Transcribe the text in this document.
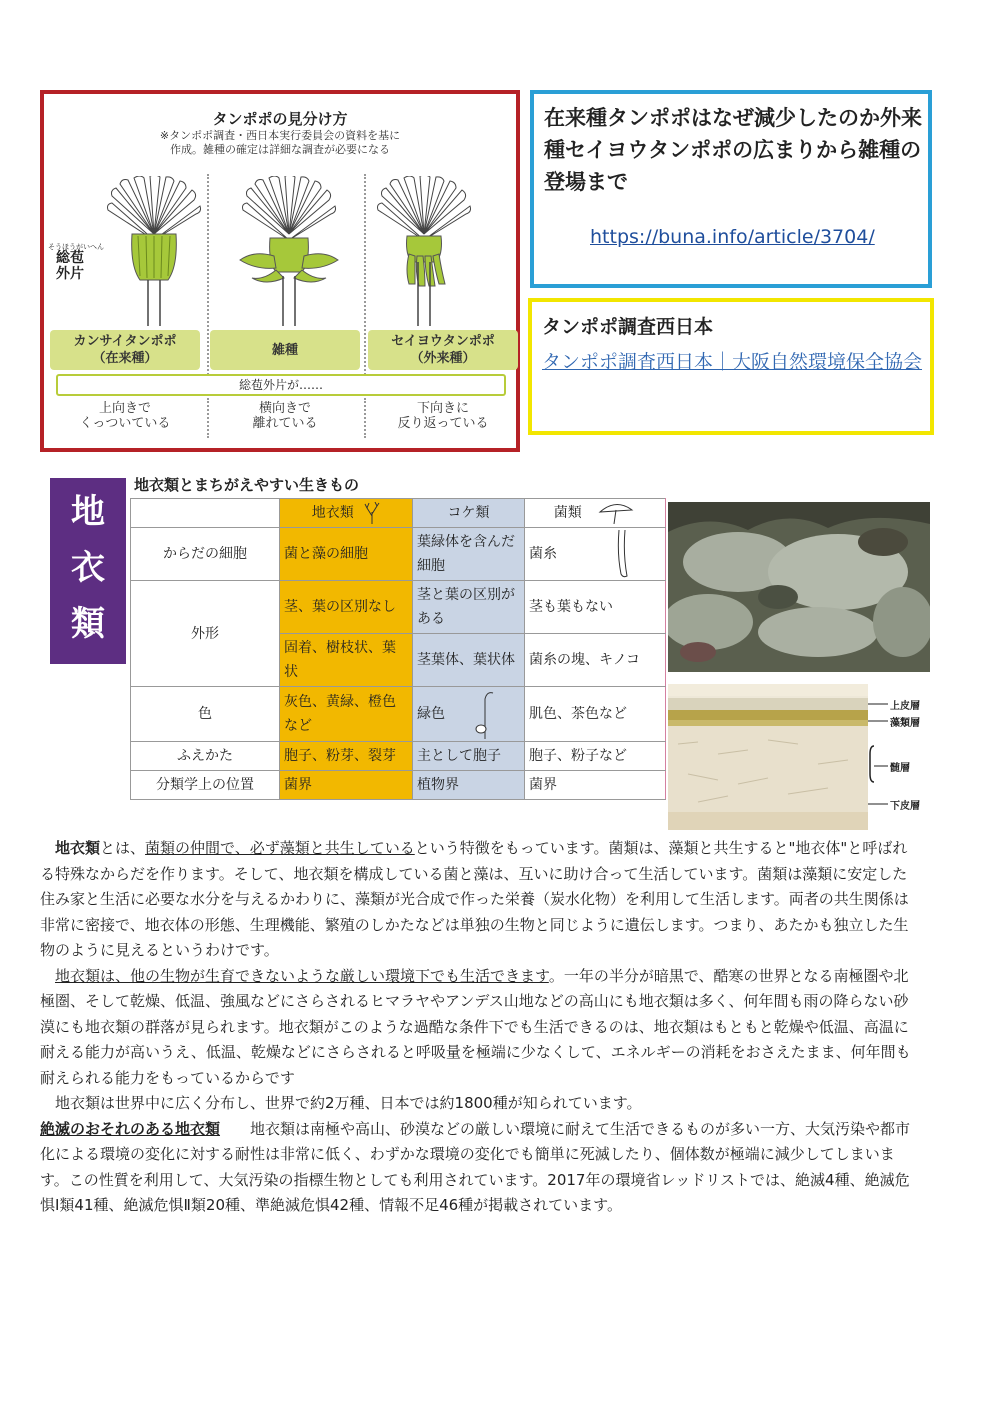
タンポポの見分け方
※タンポポ調査・西日本実行委員会の資料を基に
作成。雑種の確定は詳細な調査が必要になる
そうほうがいへん
総苞
外片
カンサイタンポポ
（在来種）
雑種
セイヨウタンポポ
（外来種）
総苞外片が……
上向きで
くっついている
横向きで
離れている
下向きに
反り返っている
在来種タンポポはなぜ減少したのか外来種セイヨウタンポポの広まりから雑種の登場まで
https://buna.info/article/3704/
タンポポ調査西日本
タンポポ調査西日本｜大阪自然環境保全協会
地
衣
類
地衣類とまちがえやすい生きもの
	地衣類	コケ類	菌類
からだの細胞	菌と藻の細胞	葉緑体を含んだ細胞	菌糸
外形	茎、葉の区別なし	茎と葉の区別がある	茎も葉もない
	固着、樹枝状、葉状	茎葉体、葉状体	菌糸の塊、キノコ
色	灰色、黄緑、橙色など	緑色	肌色、茶色など
ふえかた	胞子、粉芽、裂芽	主として胞子	胞子、粉子など
分類学上の位置	菌界	植物界	菌界
上皮層
藻類層
髄層
下皮層

地衣類とは、菌類の仲間で、必ず藻類と共生しているという特徴をもっています。菌類は、藻類と共生すると"地衣体"と呼ばれる特殊なからだを作ります。そして、地衣類を構成している菌と藻は、互いに助け合って生活しています。菌類は藻類に安定した住み家と生活に必要な水分を与えるかわりに、藻類が光合成で作った栄養（炭水化物）を利用して生活します。両者の共生関係は非常に密接で、地衣体の形態、生理機能、繁殖のしかたなどは単独の生物と同じように遺伝します。つまり、あたかも独立した生物のように見えるというわけです。

地衣類は、他の生物が生育できないような厳しい環境下でも生活できます。一年の半分が暗黒で、酷寒の世界となる南極圏や北極圏、そして乾燥、低温、強風などにさらされるヒマラヤやアンデス山地などの高山にも地衣類は多く、何年間も雨の降らない砂漠にも地衣類の群落が見られます。地衣類がこのような過酷な条件下でも生活できるのは、地衣類はもともと乾燥や低温、高温に耐える能力が高いうえ、低温、乾燥などにさらされると呼吸量を極端に少なくして、エネルギーの消耗をおさえたまま、何年間も耐えられる能力をもっているからです

地衣類は世界中に広く分布し、世界で約2万種、日本では約1800種が知られています。

絶滅のおそれのある地衣類　　地衣類は南極や高山、砂漠などの厳しい環境に耐えて生活できるものが多い一方、大気汚染や都市化による環境の変化に対する耐性は非常に低く、わずかな環境の変化でも簡単に死滅したり、個体数が極端に減少してしまいます。この性質を利用して、大気汚染の指標生物としても利用されています。2017年の環境省レッドリストでは、絶滅4種、絶滅危惧Ⅰ類41種、絶滅危惧Ⅱ類20種、準絶滅危惧42種、情報不足46種が掲載されています。
